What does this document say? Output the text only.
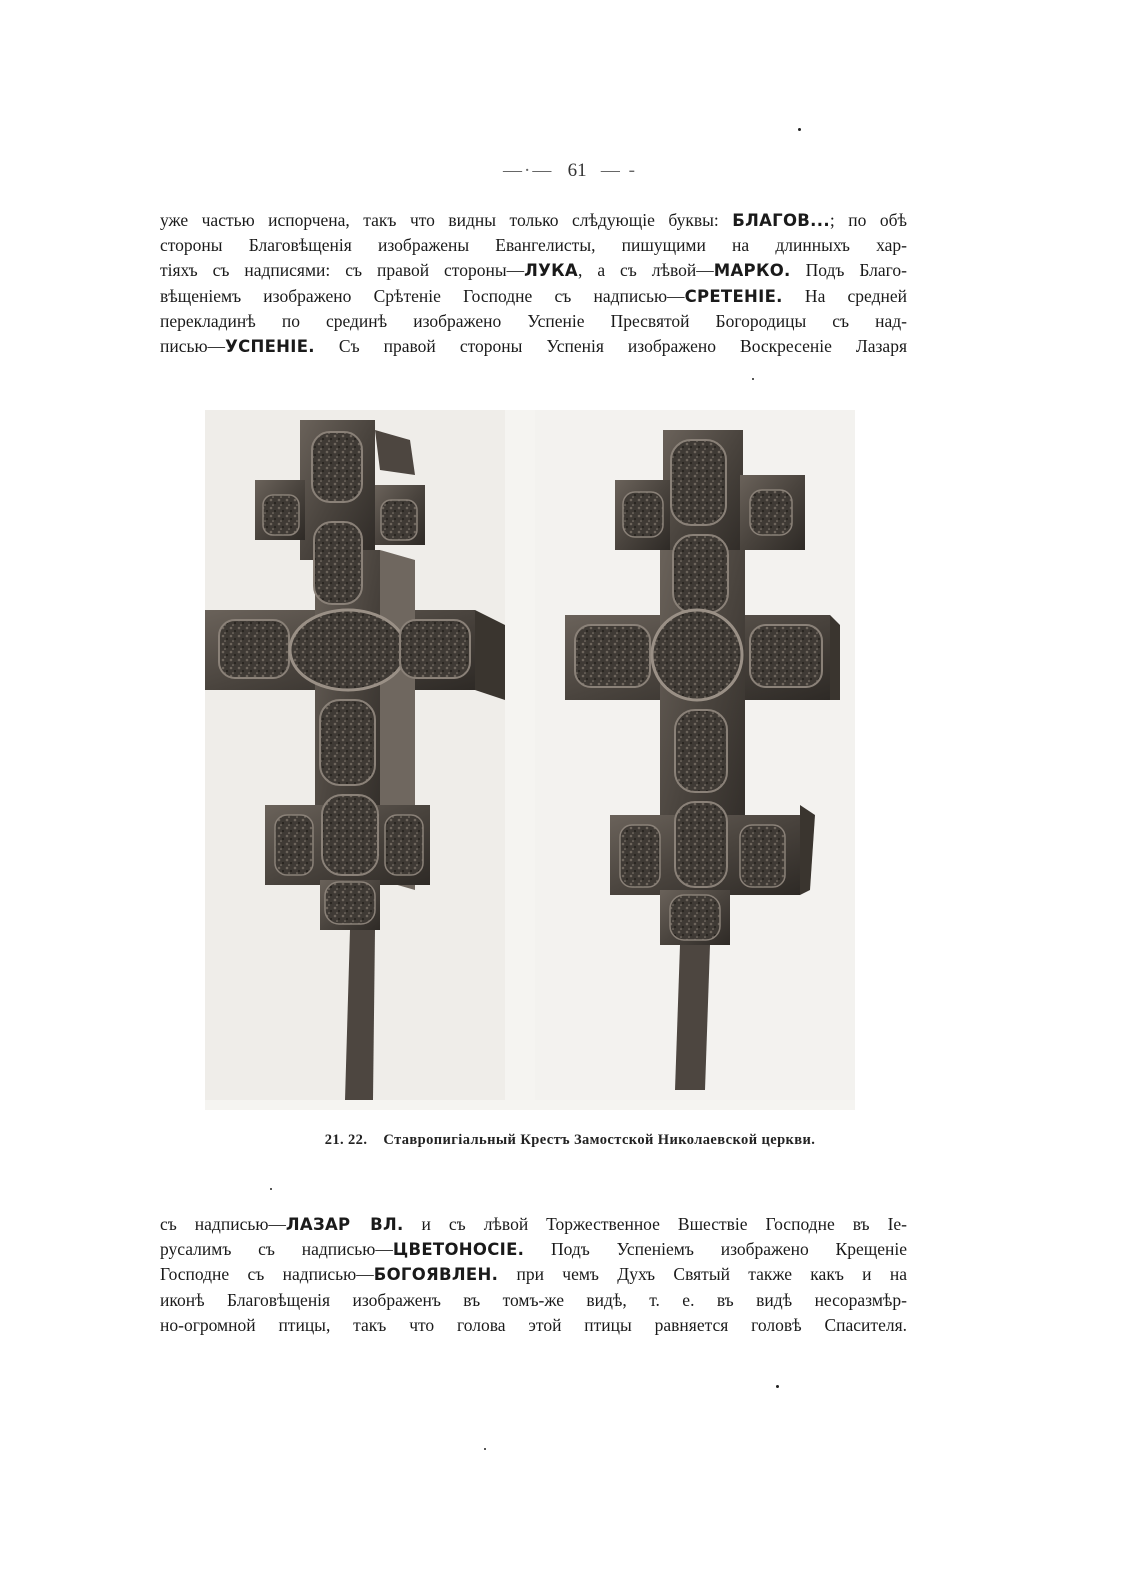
—·— 61 — -
уже частью испорчена, такъ что видны только слѣдующіе буквы: БЛАГОВ...; по обѣ
стороны Благовѣщенія изображены Евангелисты, пишущими на длинныхъ хар-
тіяхъ съ надписями: съ правой стороны—ЛУКА, а съ лѣвой—МАРКО. Подъ Благо-
вѣщеніемъ изображено Срѣтеніе Господне съ надписью—СРЕТЕНІЕ. На средней
перекладинѣ по срединѣ изображено Успеніе Пресвятой Богородицы съ над-
писью—УСПЕНІЕ. Съ правой стороны Успенія изображено Воскресеніе Лазаря
21. 22. Ставропигіальный Крестъ Замостской Николаевской церкви.
съ надписью—ЛАЗАР ВЛ. и съ лѣвой Торжественное Вшествіе Господне въ Іе-
русалимъ съ надписью—ЦВЕТОНОСІЕ. Подъ Успеніемъ изображено Крещеніе
Господне съ надписью—БОГОЯВЛЕН. при чемъ Духъ Святый также какъ и на
иконѣ Благовѣщенія изображенъ въ томъ-же видѣ, т. е. въ видѣ несоразмѣр-
но-огромной птицы, такъ что голова этой птицы равняется головѣ Спасителя.
